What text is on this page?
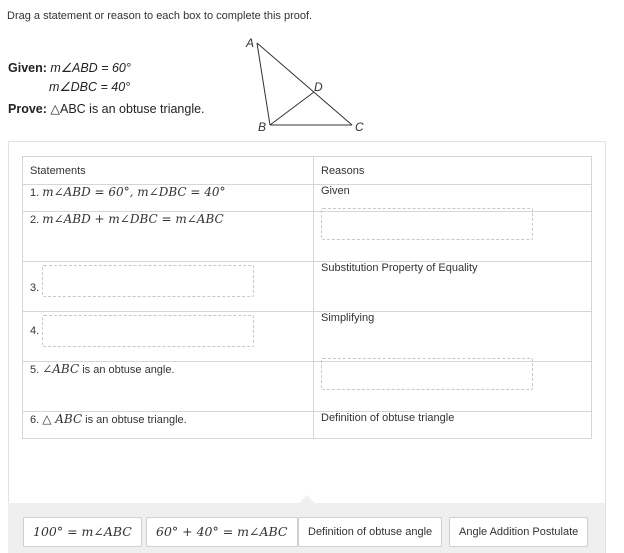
Drag a statement or reason to each box to complete this proof.
Given: m∠ABD = 60°
m∠DBC = 40°
Prove: △ABC is an obtuse triangle.
A
B	C
D
Statements	Reasons
1. m∠ABD = 60°, m∠DBC = 40°	Given
2. m∠ABD + m∠DBC = m∠ABC	
3.	Substitution Property of Equality
4.	Simplifying
5. ∠ABC is an obtuse angle.	
6. △ ABC is an obtuse triangle.	Definition of obtuse triangle
100° = m∠ABC	60° + 40° = m∠ABC	Definition of obtuse angle	Angle Addition Postulate
